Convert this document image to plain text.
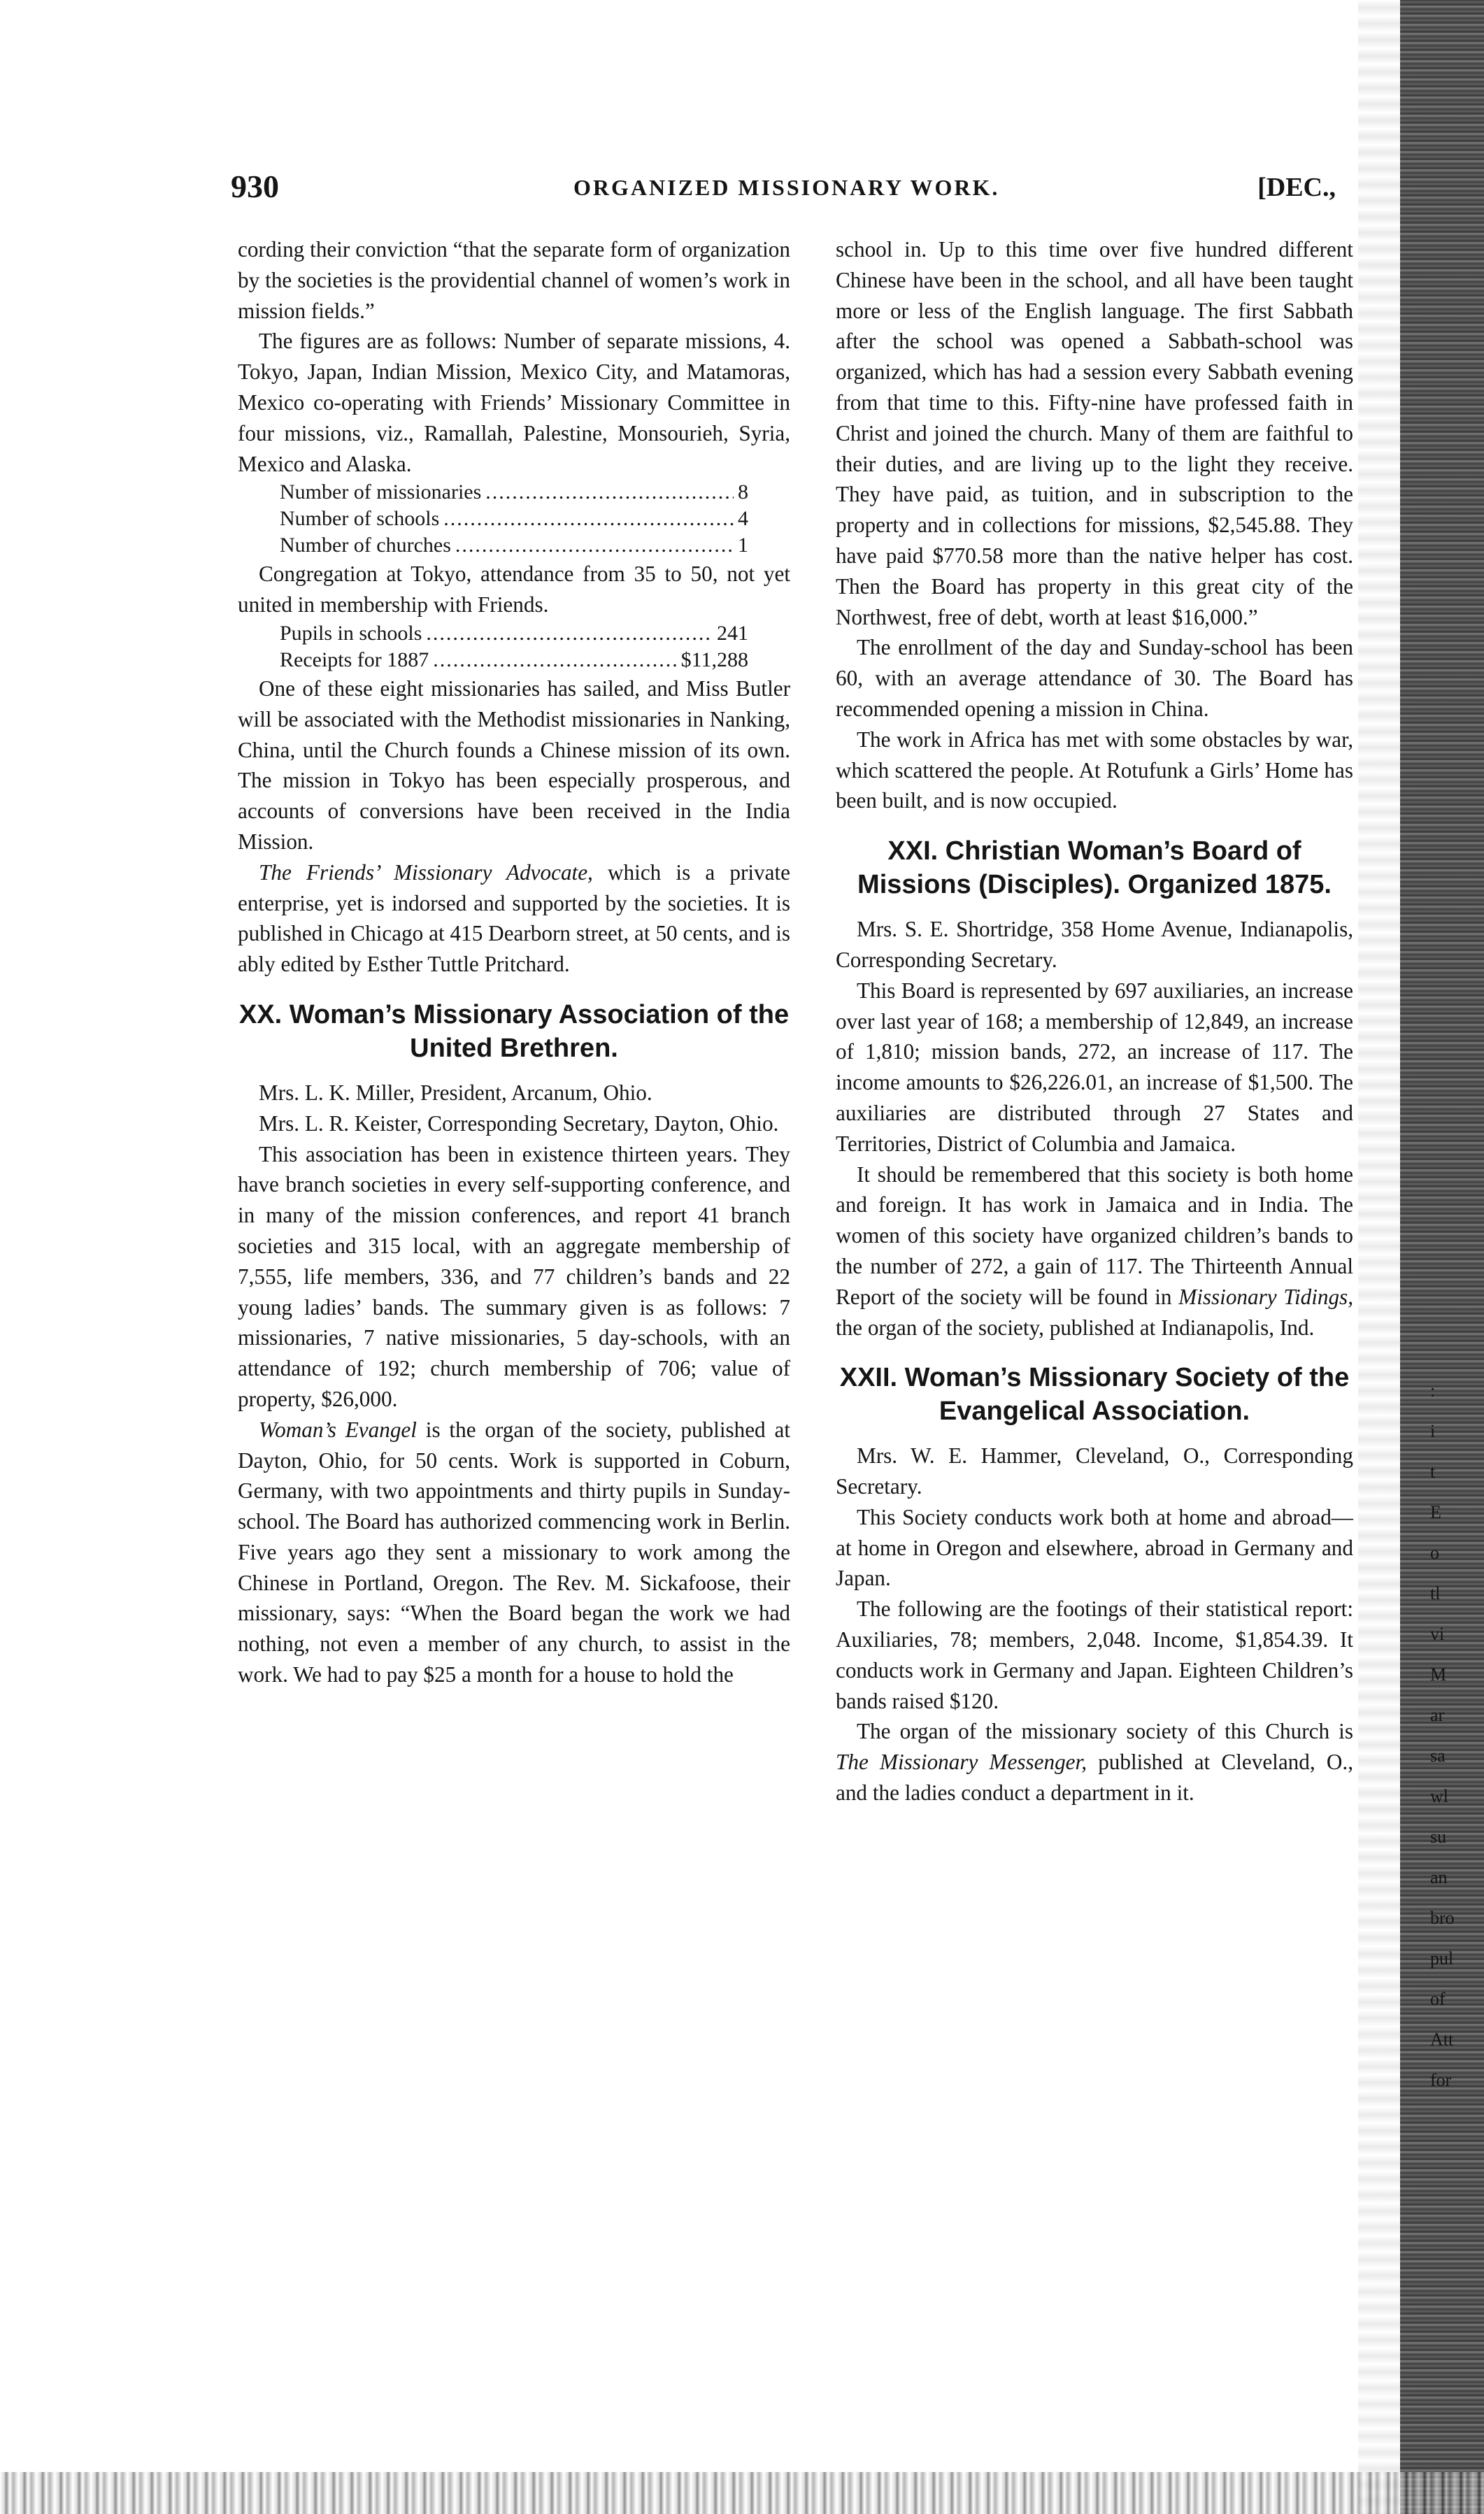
930	ORGANIZED MISSIONARY WORK.	[DEC.,

cording their conviction “that the separate form of organization by the societies is the providential channel of women’s work in mission fields.”

The figures are as follows: Number of separate missions, 4. Tokyo, Japan, Indian Mission, Mexico City, and Matamoras, Mexico co-operating with Friends’ Missionary Committee in four missions, viz., Ramallah, Palestine, Monsourieh, Syria, Mexico and Alaska.

Number of missionaries .....	8
Number of schools .....	4
Number of churches .....	1

Congregation at Tokyo, attendance from 35 to 50, not yet united in membership with Friends.

Pupils in schools .....	241
Receipts for 1887 .....	$11,288

One of these eight missionaries has sailed, and Miss Butler will be associated with the Methodist missionaries in Nanking, China, until the Church founds a Chinese mission of its own. The mission in Tokyo has been especially prosperous, and accounts of conversions have been received in the India Mission.

The Friends’ Missionary Advocate, which is a private enterprise, yet is indorsed and supported by the societies. It is published in Chicago at 415 Dearborn street, at 50 cents, and is ably edited by Esther Tuttle Pritchard.

XX. Woman’s Missionary Association of the United Brethren.

Mrs. L. K. Miller, President, Arcanum, Ohio.

Mrs. L. R. Keister, Corresponding Secretary, Dayton, Ohio.

This association has been in existence thirteen years. They have branch societies in every self-supporting conference, and in many of the mission conferences, and report 41 branch societies and 315 local, with an aggregate membership of 7,555, life members, 336, and 77 children’s bands and 22 young ladies’ bands. The summary given is as follows: 7 missionaries, 7 native missionaries, 5 day-schools, with an attendance of 192; church membership of 706; value of property, $26,000.

Woman’s Evangel is the organ of the society, published at Dayton, Ohio, for 50 cents. Work is supported in Coburn, Germany, with two appointments and thirty pupils in Sunday-school. The Board has authorized commencing work in Berlin. Five years ago they sent a missionary to work among the Chinese in Portland, Oregon. The Rev. M. Sickafoose, their missionary, says: “When the Board began the work we had nothing, not even a member of any church, to assist in the work. We had to pay $25 a month for a house to hold the

school in. Up to this time over five hundred different Chinese have been in the school, and all have been taught more or less of the English language. The first Sabbath after the school was opened a Sabbath-school was organized, which has had a session every Sabbath evening from that time to this. Fifty-nine have professed faith in Christ and joined the church. Many of them are faithful to their duties, and are living up to the light they receive. They have paid, as tuition, and in subscription to the property and in collections for missions, $2,545.88. They have paid $770.58 more than the native helper has cost. Then the Board has property in this great city of the Northwest, free of debt, worth at least $16,000.”

The enrollment of the day and Sunday-school has been 60, with an average attendance of 30. The Board has recommended opening a mission in China.

The work in Africa has met with some obstacles by war, which scattered the people. At Rotufunk a Girls’ Home has been built, and is now occupied.

XXI. Christian Woman’s Board of Missions (Disciples). Organized 1875.

Mrs. S. E. Shortridge, 358 Home Avenue, Indianapolis, Corresponding Secretary.

This Board is represented by 697 auxiliaries, an increase over last year of 168; a membership of 12,849, an increase of 1,810; mission bands, 272, an increase of 117. The income amounts to $26,226.01, an increase of $1,500. The auxiliaries are distributed through 27 States and Territories, District of Columbia and Jamaica.

It should be remembered that this society is both home and foreign. It has work in Jamaica and in India. The women of this society have organized children’s bands to the number of 272, a gain of 117. The Thirteenth Annual Report of the society will be found in Missionary Tidings, the organ of the society, published at Indianapolis, Ind.

XXII. Woman’s Missionary Society of the Evangelical Association.

Mrs. W. E. Hammer, Cleveland, O., Corresponding Secretary.

This Society conducts work both at home and abroad—at home in Oregon and elsewhere, abroad in Germany and Japan.

The following are the footings of their statistical report: Auxiliaries, 78; members, 2,048. Income, $1,854.39. It conducts work in Germany and Japan. Eighteen Children’s bands raised $120.

The organ of the missionary society of this Church is The Missionary Messenger, published at Cleveland, O., and the ladies conduct a department in it.

:
i
t
E
o
tl
vi
M
ar
sa
wl
su
an
bro
pul
of
Att
for
